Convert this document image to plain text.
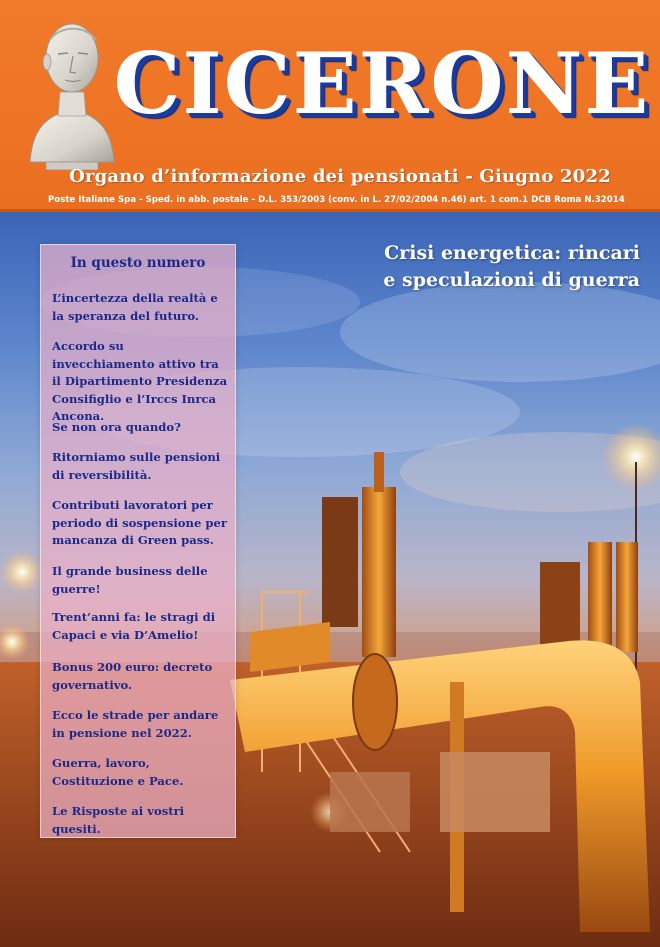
CICERONE
Organo d’informazione dei pensionati - Giugno 2022
Poste Italiane Spa - Sped. in abb. postale - D.L. 353/2003 (conv. in L. 27/02/2004 n.46) art. 1 com.1 DCB Roma N.32014
Crisi energetica: rincari
e speculazioni di guerra
In questo numero
L’incertezza della realtà e la speranza del futuro.
Accordo su invecchiamento attivo tra il Dipartimento Presidenza Consifiglio e l’Irccs Inrca Ancona.
Se non ora quando?
Ritorniamo sulle pensioni di reversibilità.
Contributi lavoratori per periodo di sospensione per mancanza di Green pass.
Il grande business delle guerre!
Trent’anni fa: le stragi di Capaci e via D’Amelio!
Bonus 200 euro: decreto governativo.
Ecco le strade per andare in pensione nel 2022.
Guerra, lavoro, Costituzione e Pace.
Le Risposte ai vostri quesiti.
